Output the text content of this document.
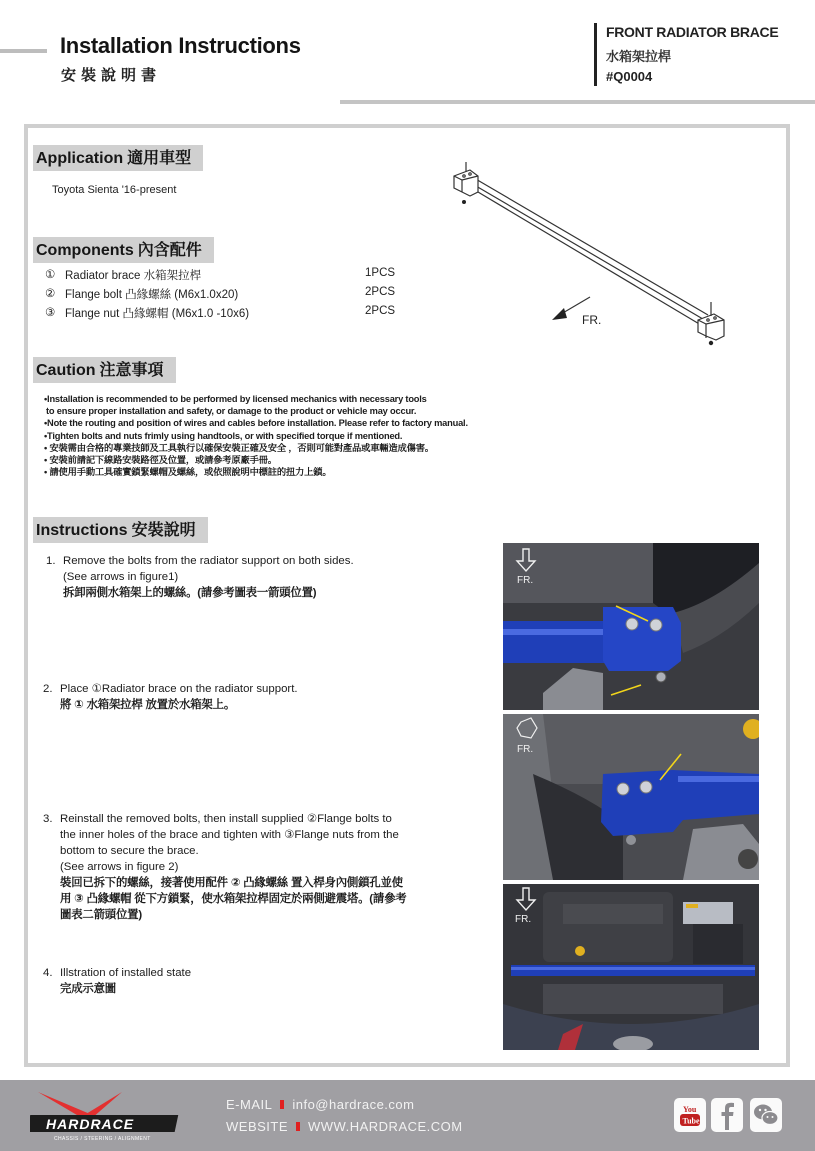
Installation Instructions
安裝說明書
FRONT RADIATOR BRACE
水箱架拉桿
#Q0004
Application 適用車型
Toyota Sienta '16-present
Components 內含配件
① Radiator brace 水箱架拉桿	1PCS
② Flange bolt 凸緣螺絲 (M6x1.0x20)	2PCS
③ Flange nut 凸緣螺帽 (M6x1.0 -10x6)	2PCS
FR.
Caution 注意事項
•Installation is recommended to be performed by licensed mechanics with necessary tools
to ensure proper installation and safety, or damage to the product or vehicle may occur.
•Note the routing and position of wires and cables before installation. Please refer to factory manual.
•Tighten bolts and nuts frimly using handtools, or with specified torque if mentioned.
• 安裝需由合格的專業技師及工具執行以確保安裝正確及安全 ，否則可能對產品或車輛造成傷害。
• 安裝前請記下線路安裝路徑及位置，或請參考原廠手冊。
• 請使用手動工具確實鎖緊螺帽及螺絲，或依照說明中標註的扭力上鎖。
Instructions 安裝說明
1. Remove the bolts from the radiator support on both sides.
(See arrows in figure1)
拆卸兩側水箱架上的螺絲。(請參考圖表一箭頭位置)
2. Place ①Radiator brace on the radiator support.
將 ① 水箱架拉桿 放置於水箱架上。
3. Reinstall the removed bolts, then install supplied ②Flange bolts to
the inner holes of the brace and tighten with ③Flange nuts from the
bottom to secure the brace.
(See arrows in figure 2)
裝回已拆下的螺絲，接著使用配件 ② 凸緣螺絲 置入桿身內側鎖孔並使
用 ③ 凸緣螺帽 從下方鎖緊，使水箱架拉桿固定於兩側避震塔。(請參考
圖表二箭頭位置)
4. Illstration of installed state
完成示意圖
FR.
FR.
FR.
HARDRACE
CHASSIS / STEERING / ALIGNMENT
E-MAIL info@hardrace.com
WEBSITE WWW.HARDRACE.COM
You
Tube
